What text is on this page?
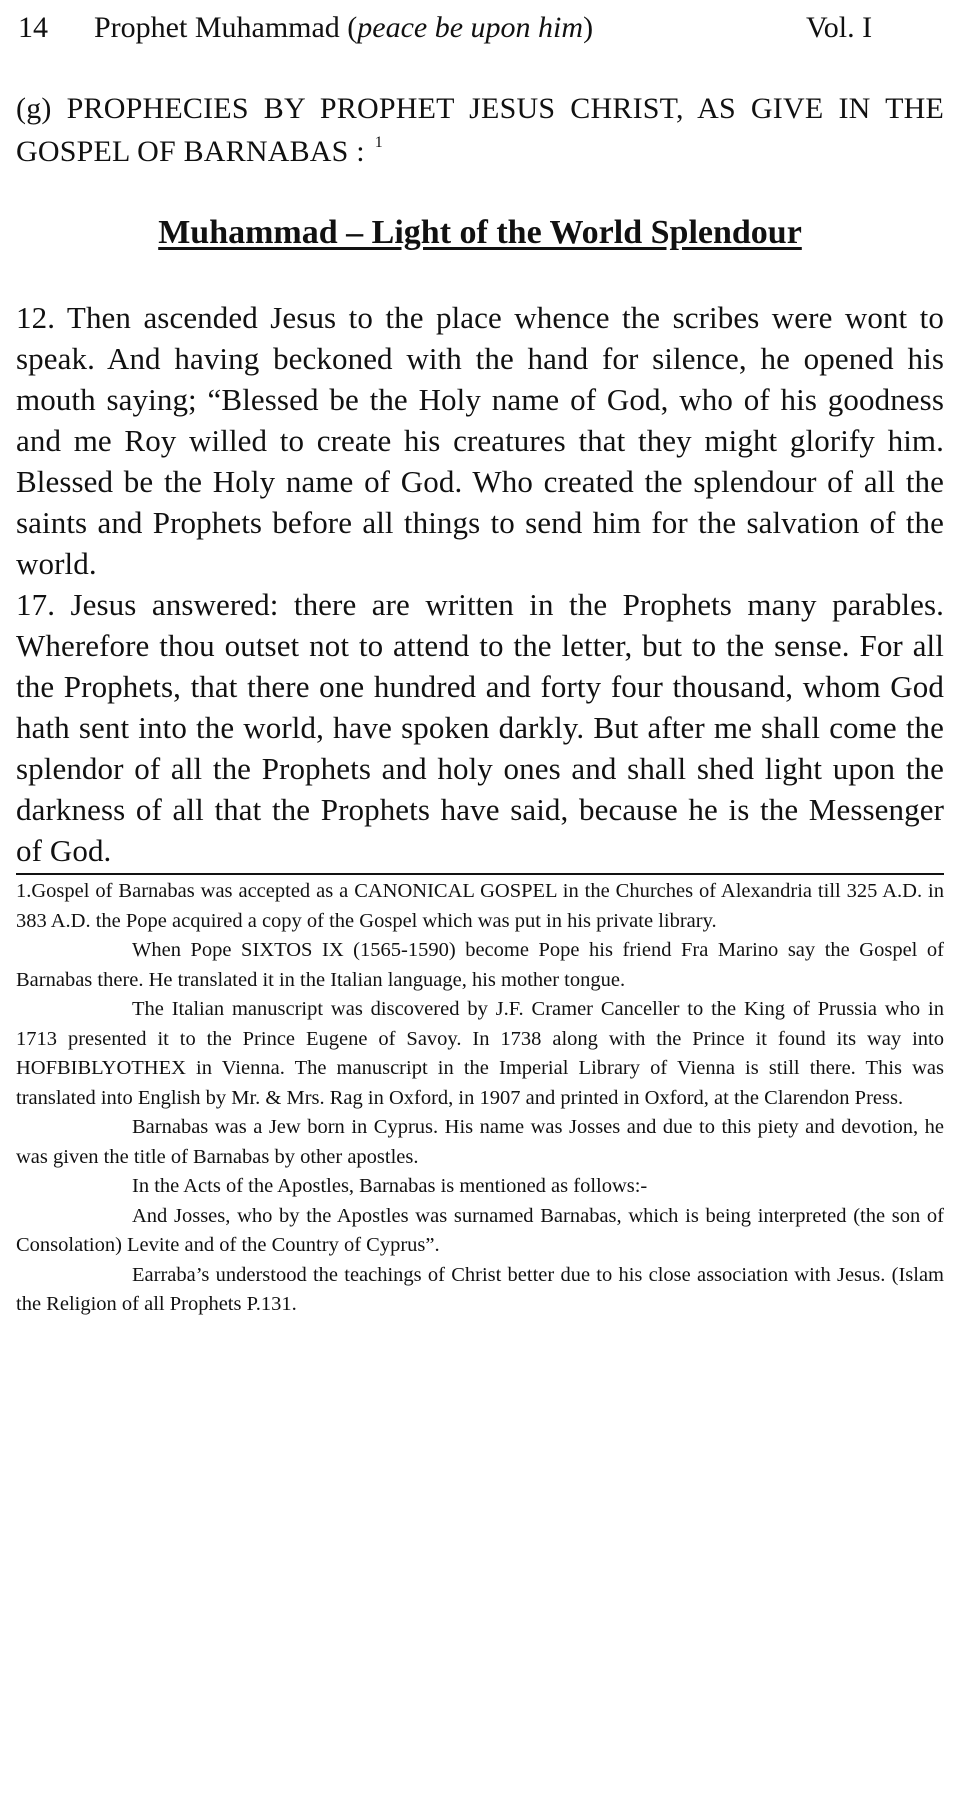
14 Prophet Muhammad (peace be upon him)	Vol. I
(g) PROPHECIES BY PROPHET JESUS CHRIST, AS GIVE IN THE GOSPEL OF BARNABAS : $^1$
Muhammad – Light of the World Splendour

12. Then ascended Jesus to the place whence the scribes were wont to speak. And having beckoned with the hand for silence, he opened his mouth saying; “Blessed be the Holy name of God, who of his goodness and me Roy willed to create his creatures that they might glorify him. Blessed be the Holy name of God. Who created the splendour of all the saints and Prophets before all things to send him for the salvation of the world.

17. Jesus answered: there are written in the Prophets many parables. Wherefore thou outset not to attend to the letter, but to the sense. For all the Prophets, that there one hundred and forty four thousand, whom God hath sent into the world, have spoken darkly. But after me shall come the splendor of all the Prophets and holy ones and shall shed light upon the darkness of all that the Prophets have said, because he is the Messenger of God.

1.Gospel of Barnabas was accepted as a CANONICAL GOSPEL in the Churches of Alexandria till 325 A.D. in 383 A.D. the Pope acquired a copy of the Gospel which was put in his private library.

When Pope SIXTOS IX (1565-1590) become Pope his friend Fra Marino say the Gospel of Barnabas there. He translated it in the Italian language, his mother tongue.

The Italian manuscript was discovered by J.F. Cramer Canceller to the King of Prussia who in 1713 presented it to the Prince Eugene of Savoy. In 1738 along with the Prince it found its way into HOFBIBLYOTHEX in Vienna. The manuscript in the Imperial Library of Vienna is still there. This was translated into English by Mr. & Mrs. Rag in Oxford, in 1907 and printed in Oxford, at the Clarendon Press.

Barnabas was a Jew born in Cyprus. His name was Josses and due to this piety and devotion, he was given the title of Barnabas by other apostles.

In the Acts of the Apostles, Barnabas is mentioned as follows:-

And Josses, who by the Apostles was surnamed Barnabas, which is being interpreted (the son of Consolation) Levite and of the Country of Cyprus”.

Earraba’s understood the teachings of Christ better due to his close association with Jesus. (Islam the Religion of all Prophets P.131.
